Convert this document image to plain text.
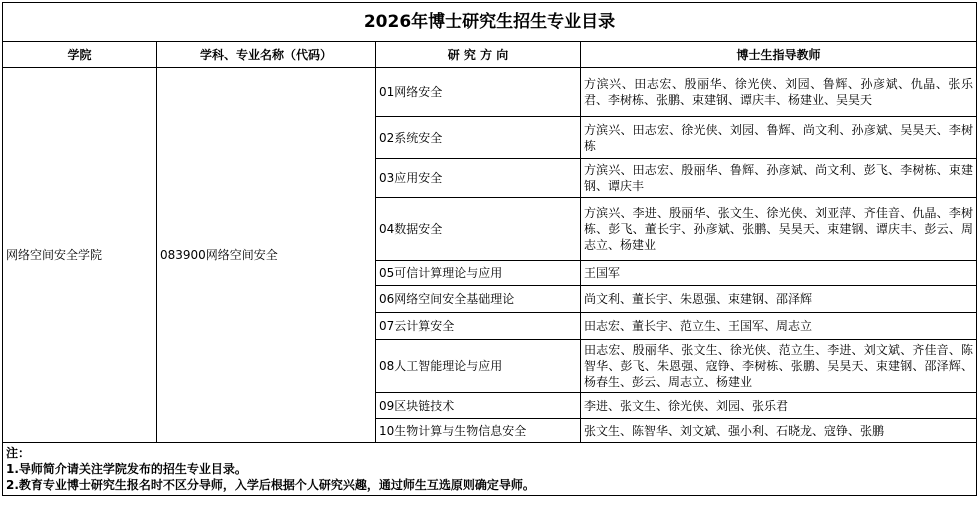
2026年博士研究生招生专业目录			
学院	学科、专业名称（代码）	研 究 方 向	博士生指导教师
网络空间安全学院	083900网络空间安全	01网络安全	方滨兴、田志宏、殷丽华、徐光侠、刘园、鲁辉、孙彦斌、仇晶、张乐君、李树栋、张鹏、束建钢、谭庆丰、杨建业、吴昊天
		02系统安全	方滨兴、田志宏、徐光侠、刘园、鲁辉、尚文利、孙彦斌、吴昊天、李树栋
		03应用安全	方滨兴、田志宏、殷丽华、鲁辉、孙彦斌、尚文利、彭飞、李树栋、束建钢、谭庆丰
		04数据安全	方滨兴、李进、殷丽华、张文生、徐光侠、刘亚萍、齐佳音、仇晶、李树栋、彭飞、董长宇、孙彦斌、张鹏、吴昊天、束建钢、谭庆丰、彭云、周志立、杨建业
		05可信计算理论与应用	王国军
		06网络空间安全基础理论	尚文利、董长宇、朱恩强、束建钢、邵泽辉
		07云计算安全	田志宏、董长宇、范立生、王国军、周志立
		08人工智能理论与应用	田志宏、殷丽华、张文生、徐光侠、范立生、李进、刘文斌、齐佳音、陈智华、彭飞、朱恩强、寇铮、李树栋、张鹏、吴昊天、束建钢、邵泽辉、杨春生、彭云、周志立、杨建业
		09区块链技术	李进、张文生、徐光侠、刘园、张乐君
		10生物计算与生物信息安全	张文生、陈智华、刘文斌、强小利、石晓龙、寇铮、张鹏

注：
1.导师简介请关注学院发布的招生专业目录。
2.教育专业博士研究生报名时不区分导师，入学后根据个人研究兴趣，通过师生互选原则确定导师。			
